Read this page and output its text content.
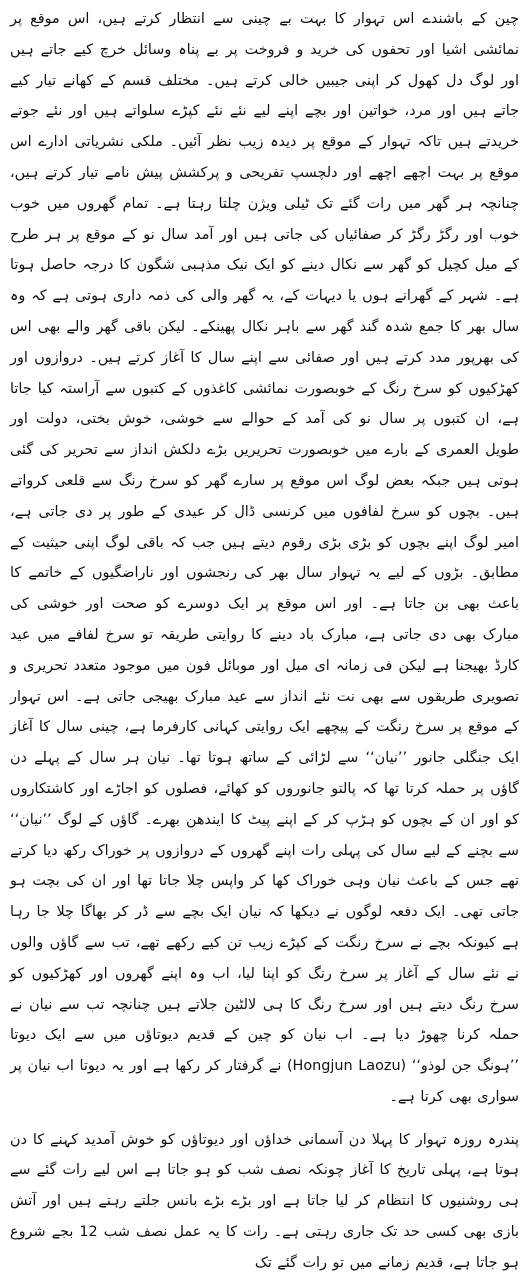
چین کے باشندے اس تہوار کا بہت بے چینی سے انتظار کرتے ہیں، اس موقع پر نمائشی اشیا اور تحفوں کی خرید و فروخت پر بے پناہ وسائل خرچ کیے جاتے ہیں اور لوگ دل کھول کر اپنی جیبیں خالی کرتے ہیں۔ مختلف قسم کے کھانے تیار کیے جاتے ہیں اور مرد، خواتین اور بچے اپنے لیے نئے نئے کپڑے سلواتے ہیں اور نئے جوتے خریدتے ہیں تاکہ تہوار کے موقع پر دیدہ زیب نظر آئیں۔ ملکی نشریاتی ادارے اس موقع پر بہت اچھے اچھے اور دلچسپ تفریحی و پرکشش پیش نامے تیار کرتے ہیں، چنانچہ ہر گھر میں رات گئے تک ٹیلی ویژن چلتا رہتا ہے۔ تمام گھروں میں خوب خوب اور رگڑ رگڑ کر صفائیاں کی جاتی ہیں اور آمد سال نو کے موقع پر ہر طرح کے میل کچیل کو گھر سے نکال دینے کو ایک نیک مذہبی شگون کا درجہ حاصل ہوتا ہے۔ شہر کے گھرانے ہوں یا دیہات کے، یہ گھر والی کی ذمہ داری ہوتی ہے کہ وہ سال بھر کا جمع شدہ گند گھر سے باہر نکال پھینکے۔ لیکن باقی گھر والے بھی اس کی بھرپور مدد کرتے ہیں اور صفائی سے اپنے سال کا آغاز کرتے ہیں۔ دروازوں اور کھڑکیوں کو سرخ رنگ کے خوبصورت نمائشی کاغذوں کے کتبوں سے آراستہ کیا جاتا ہے، ان کتبوں پر سال نو کی آمد کے حوالے سے خوشی، خوش بختی، دولت اور طویل العمری کے بارے میں خوبصورت تحریریں بڑے دلکش انداز سے تحریر کی گئی ہوتی ہیں جبکہ بعض لوگ اس موقع پر سارے گھر کو سرخ رنگ سے قلعی کرواتے ہیں۔ بچوں کو سرخ لفافوں میں کرنسی ڈال کر عیدی کے طور پر دی جاتی ہے، امیر لوگ اپنے بچوں کو بڑی بڑی رقوم دیتے ہیں جب کہ باقی لوگ اپنی حیثیت کے مطابق۔ بڑوں کے لیے یہ تہوار سال بھر کی رنجشوں اور ناراضگیوں کے خاتمے کا باعث بھی بن جاتا ہے۔ اور اس موقع پر ایک دوسرے کو صحت اور خوشی کی مبارک بھی دی جاتی ہے، مبارک باد دینے کا روایتی طریقہ تو سرخ لفافے میں عید کارڈ بھیجنا ہے لیکن فی زمانہ ای میل اور موبائل فون میں موجود متعدد تحریری و تصویری طریقوں سے بھی نت نئے انداز سے عید مبارک بھیجی جاتی ہے۔ اس تہوار کے موقع پر سرخ رنگت کے پیچھے ایک روایتی کہانی کارفرما ہے، چینی سال کا آغاز ایک جنگلی جانور ’’نیان‘‘ سے لڑائی کے ساتھ ہوتا تھا۔ نیان ہر سال کے پہلے دن گاؤں پر حملہ کرتا تھا کہ پالتو جانوروں کو کھائے، فصلوں کو اجاڑے اور کاشتکاروں کو اور ان کے بچوں کو ہڑپ کر کے اپنے پیٹ کا ایندھن بھرے۔ گاؤں کے لوگ ’’نیان‘‘ سے بچنے کے لیے سال کی پہلی رات اپنے گھروں کے دروازوں پر خوراک رکھ دیا کرتے تھے جس کے باعث نیان وہی خوراک کھا کر واپس چلا جاتا تھا اور ان کی بچت ہو جاتی تھی۔ ایک دفعہ لوگوں نے دیکھا کہ نیان ایک بچے سے ڈر کر بھاگا چلا جا رہا ہے کیونکہ بچے نے سرخ رنگت کے کپڑے زیب تن کیے رکھے تھے، تب سے گاؤں والوں نے نئے سال کے آغاز پر سرخ رنگ کو اپنا لیا، اب وہ اپنے گھروں اور کھڑکیوں کو سرخ رنگ دیتے ہیں اور سرخ رنگ کا ہی لالٹین جلاتے ہیں چنانچہ تب سے نیان نے حملہ کرنا چھوڑ دیا ہے۔ اب نیان کو چین کے قدیم دیوتاؤں میں سے ایک دیوتا ’’ہونگ جن لوذو‘‘ (Hongjun Laozu) نے گرفتار کر رکھا ہے اور یہ دیوتا اب نیان پر سواری بھی کرتا ہے۔

پندرہ روزہ تہوار کا پہلا دن آسمانی خداؤں اور دیوتاؤں کو خوش آمدید کہنے کا دن ہوتا ہے، پہلی تاریخ کا آغاز چونکہ نصف شب کو ہو جاتا ہے اس لیے رات گئے سے ہی روشنیوں کا انتظام کر لیا جاتا ہے اور بڑے بڑے بانس جلتے رہتے ہیں اور آتش بازی بھی کسی حد تک جاری رہتی ہے۔ رات کا یہ عمل نصف شب 12 بجے شروع ہو جاتا ہے، قدیم زمانے میں تو رات گئے تک
